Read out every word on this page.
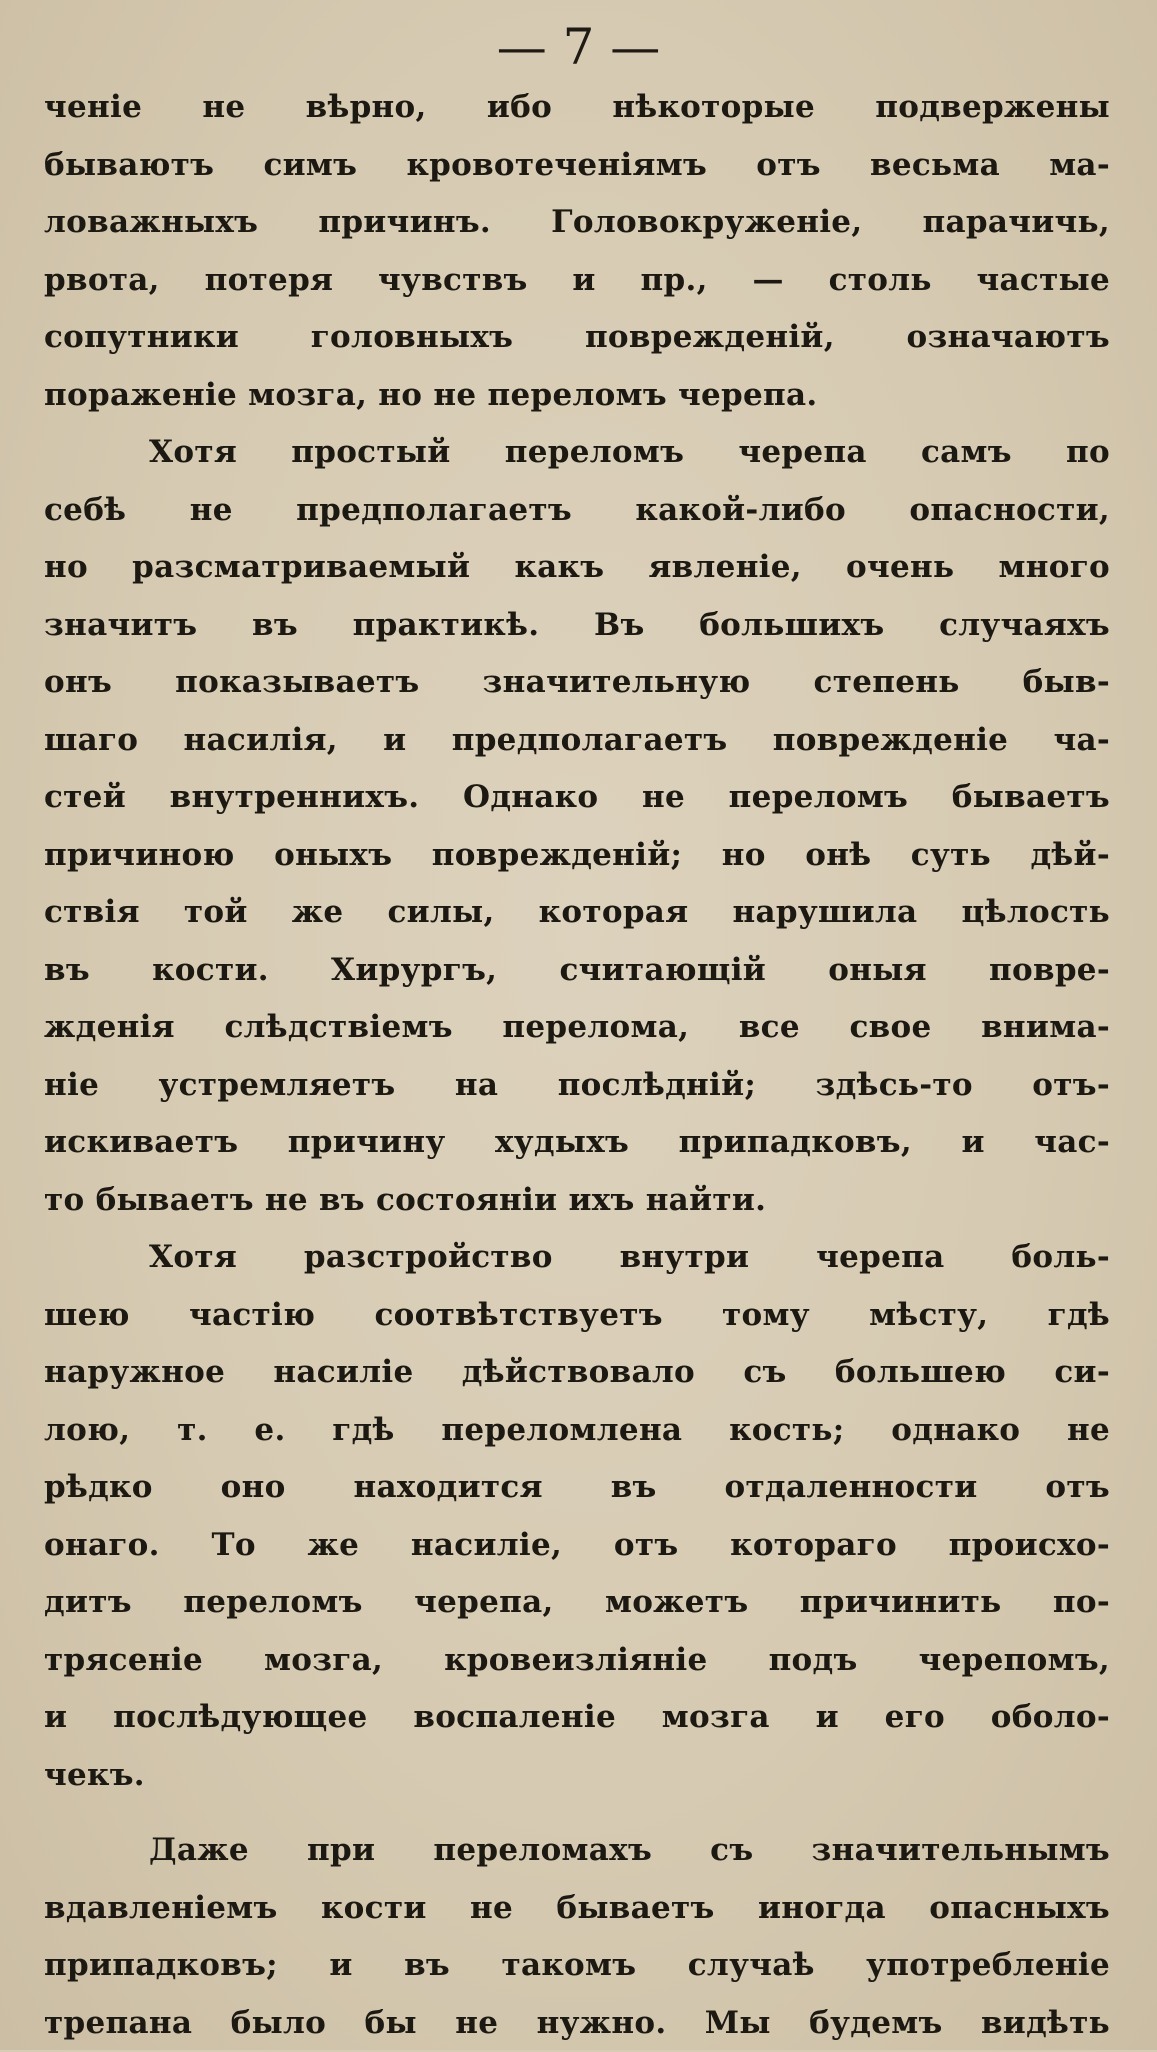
— 7 —
ченіе не вѣрно, ибо нѣкоторые подвержены
бываютъ симъ кровотеченіямъ отъ весьма ма-
ловажныхъ причинъ. Головокруженіе, парачичь,
рвота, потеря чувствъ и пр., — столь частые
сопутники головныхъ поврежденій, означаютъ
пораженіе мозга, но не переломъ черепа.
Хотя простый переломъ черепа самъ по
себѣ не предполагаетъ какой-либо опасности,
но разсматриваемый какъ явленіе, очень много
значитъ въ практикѣ. Въ большихъ случаяхъ
онъ показываетъ значительную степень быв-
шаго насилія, и предполагаетъ поврежденіе ча-
стей внутреннихъ. Однако не переломъ бываетъ
причиною оныхъ поврежденій; но онѣ суть дѣй-
ствія той же силы, которая нарушила цѣлость
въ кости. Хирургъ, считающій оныя повре-
жденія слѣдствіемъ перелома, все свое внима-
ніе устремляетъ на послѣдній; здѣсь-то отъ-
искиваетъ причину худыхъ припадковъ, и час-
то бываетъ не въ состояніи ихъ найти.
Хотя разстройство внутри черепа боль-
шею частію соотвѣтствуетъ тому мѣсту, гдѣ
наружное насиліе дѣйствовало съ большею си-
лою, т. е. гдѣ переломлена кость; однако не
рѣдко оно находится въ отдаленности отъ
онаго. То же насиліе, отъ котораго происхо-
дитъ переломъ черепа, можетъ причинить по-
трясеніе мозга, кровеизліяніе подъ черепомъ,
и послѣдующее воспаленіе мозга и его оболо-
чекъ.
Даже при переломахъ съ значительнымъ
вдавленіемъ кости не бываетъ иногда опасныхъ
припадковъ; и въ такомъ случаѣ употребленіе
трепана было бы не нужно. Мы будемъ видѣть
